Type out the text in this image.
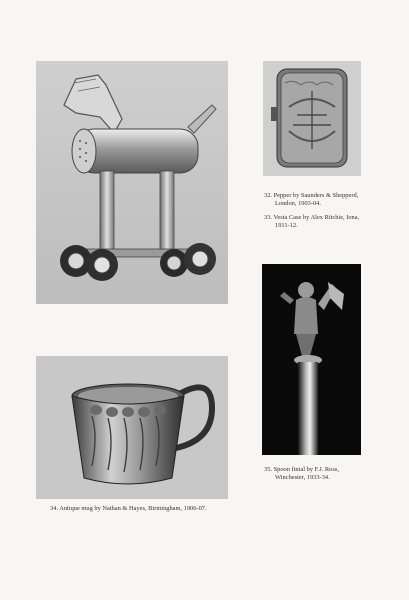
32. Pepper by Saunders & Shepperd,
London, 1903-04.
33. Vesta Case by Alex Ritchie, Iona,
1911-12.
35. Spoon finial by F.J. Ross,
Winchester, 1933-34.
34. Antique mug by Nathan & Hayes, Birmingham, 1906-07.
